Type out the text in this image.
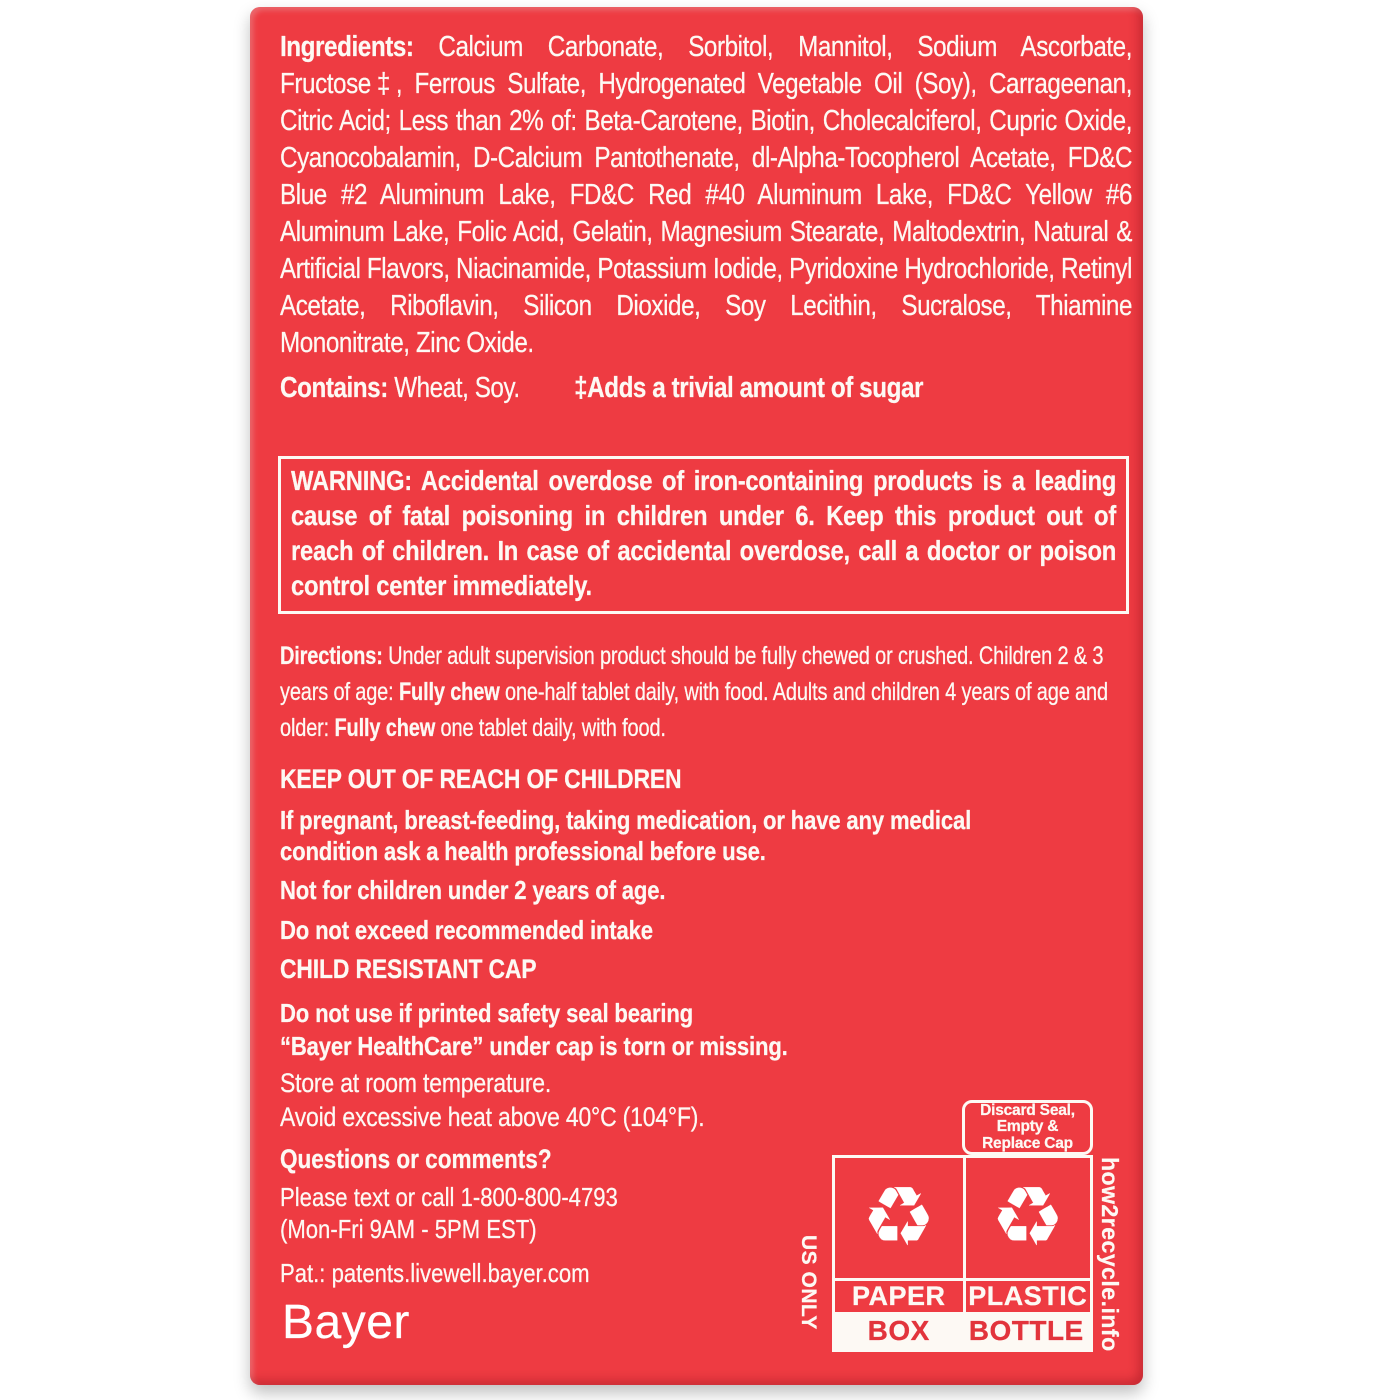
Ingredients: Calcium Carbonate, Sorbitol, Mannitol, Sodium Ascorbate, Fructose‡, Ferrous Sulfate, Hydrogenated Vegetable Oil (Soy), Carrageenan, Citric Acid; Less than 2% of: Beta-Carotene, Biotin, Cholecalciferol, Cupric Oxide, Cyanocobalamin, D-Calcium Pantothenate, dl-Alpha-Tocopherol Acetate, FD&C Blue #2 Aluminum Lake, FD&C Red #40 Aluminum Lake, FD&C Yellow #6 Aluminum Lake, Folic Acid, Gelatin, Magnesium Stearate, Maltodextrin, Natural & Artificial Flavors, Niacinamide, Potassium Iodide, Pyridoxine Hydrochloride, Retinyl Acetate, Riboflavin, Silicon Dioxide, Soy Lecithin, Sucralose, Thiamine Mononitrate, Zinc Oxide.

Contains: Wheat, Soy. ‡Adds a trivial amount of sugar

WARNING: Accidental overdose of iron-containing products is a leading cause of fatal poisoning in children under 6. Keep this product out of reach of children. In case of accidental overdose, call a doctor or poison control center immediately.

Directions: Under adult supervision product should be fully chewed or crushed. Children 2 & 3 years of age: Fully chew one-half tablet daily, with food. Adults and children 4 years of age and older: Fully chew one tablet daily, with food.

KEEP OUT OF REACH OF CHILDREN
If pregnant, breast-feeding, taking medication, or have any medical
condition ask a health professional before use.
Not for children under 2 years of age.
Do not exceed recommended intake
CHILD RESISTANT CAP
Do not use if printed safety seal bearing
“Bayer HealthCare” under cap is torn or missing.
Store at room temperature.
Avoid excessive heat above 40°C (104°F).

Questions or comments?

Please text or call 1-800-800-4793

(Mon-Fri 9AM - 5PM EST)

Pat.: patents.livewell.bayer.com

Bayer
Discard Seal,
Empty &
Replace Cap
US ONLY
♻ ♻
PAPER PLASTIC
BOX	BOTTLE how2recycle.info
